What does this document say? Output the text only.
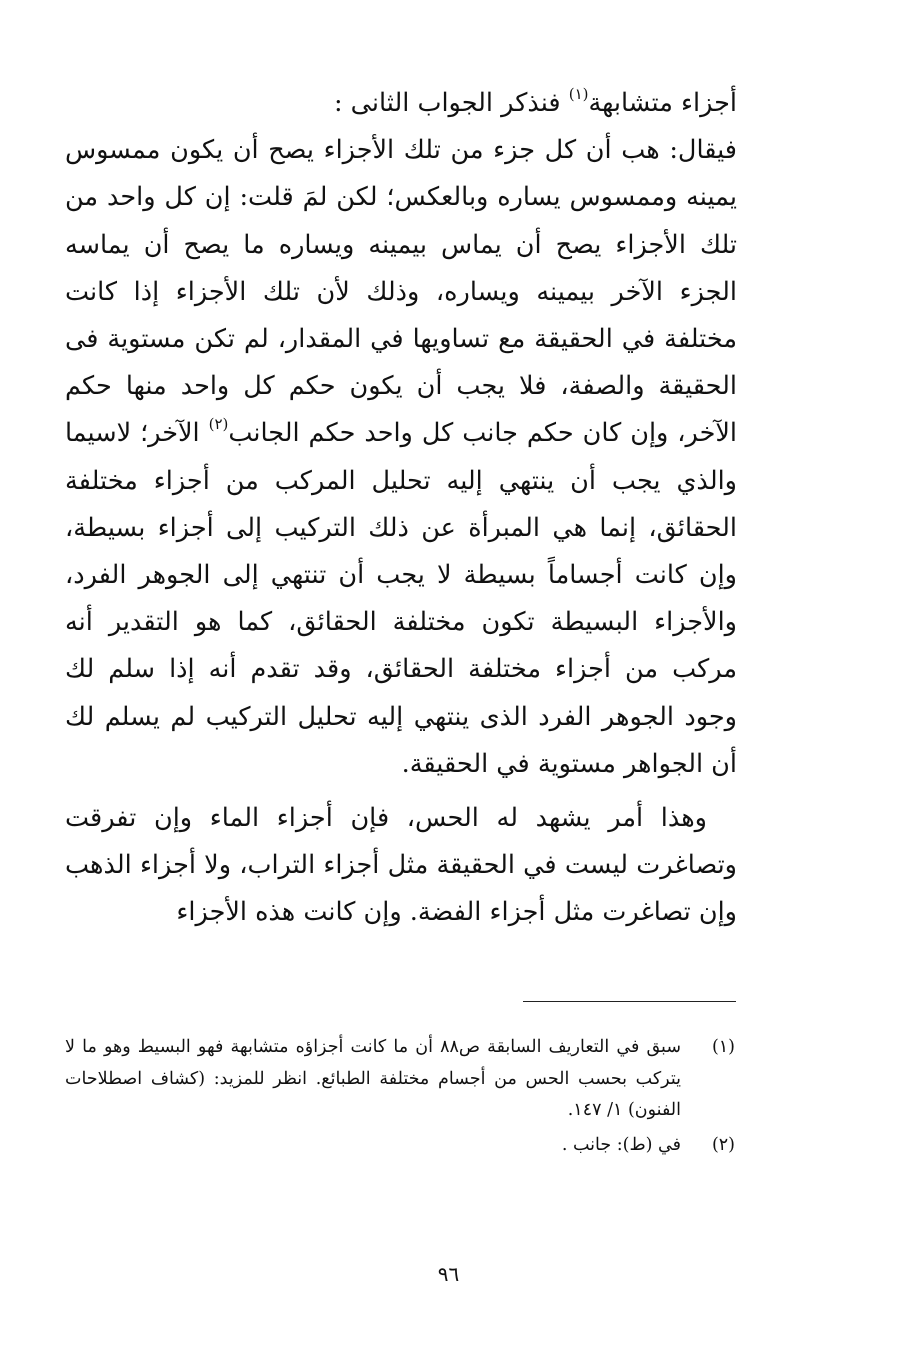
أجزاء متشابهة$^{(١)}$ فنذكر الجواب الثانى :
فيقال: هب أن كل جزء من تلك الأجزاء يصح أن يكون ممسوس يمينه وممسوس يساره وبالعكس؛ لكن لمَ قلت: إن كل واحد من تلك الأجزاء يصح أن يماس بيمينه ويساره ما يصح أن يماسه الجزء الآخر بيمينه ويساره، وذلك لأن تلك الأجزاء إذا كانت مختلفة في الحقيقة مع تساويها في المقدار، لم تكن مستوية فى الحقيقة والصفة، فلا يجب أن يكون حكم كل واحد منها حكم الآخر، وإن كان حكم جانب كل واحد حكم الجانب$^{(٢)}$ الآخر؛ لاسيما والذي يجب أن ينتهي إليه تحليل المركب من أجزاء مختلفة الحقائق، إنما هي المبرأة عن ذلك التركيب إلى أجزاء بسيطة، وإن كانت أجساماً بسيطة لا يجب أن تنتهي إلى الجوهر الفرد، والأجزاء البسيطة تكون مختلفة الحقائق، كما هو التقدير أنه مركب من أجزاء مختلفة الحقائق، وقد تقدم أنه إذا سلم لك وجود الجوهر الفرد الذى ينتهي إليه تحليل التركيب لم يسلم لك أن الجواهر مستوية في الحقيقة.

وهذا أمر يشهد له الحس، فإن أجزاء الماء وإن تفرقت وتصاغرت ليست في الحقيقة مثل أجزاء التراب، ولا أجزاء الذهب وإن تصاغرت مثل أجزاء الفضة. وإن كانت هذه الأجزاء

(١)
سبق في التعاريف السابقة ص٨٨ أن ما كانت أجزاؤه متشابهة فهو البسيط وهو ما لا يتركب بحسب الحس من أجسام مختلفة الطبائع. انظر للمزيد: (كشاف اصطلاحات الفنون) ١/ ١٤٧.
(٢)
في (ط): جانب .
٩٦
